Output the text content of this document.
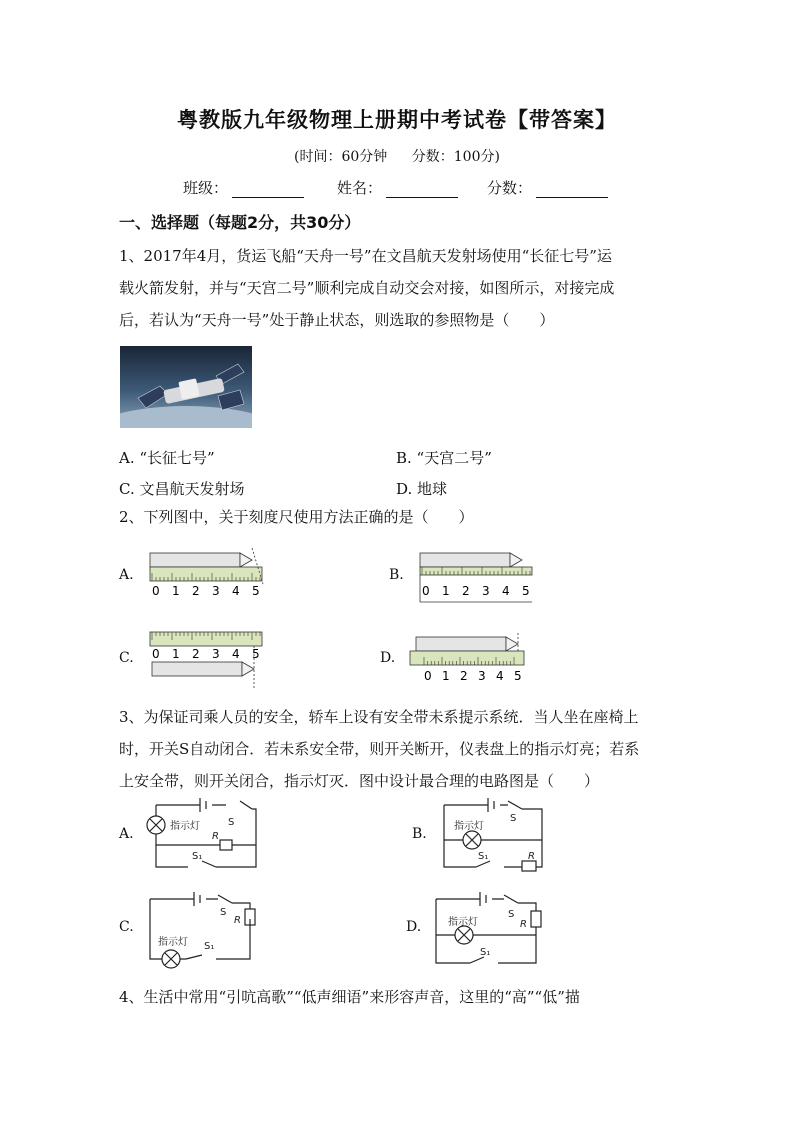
粤教版九年级物理上册期中考试卷【带答案】
(时间：60分钟 分数：100分)
班级：	姓名：	分数：
一、选择题（每题2分，共30分）
1、2017年4月，货运飞船“天舟一号”在文昌航天发射场使用“长征七号”运
载火箭发射，并与“天宫二号”顺利完成自动交会对接，如图所示，对接完成
后，若认为“天舟一号”处于静止状态，则选取的参照物是（　　）
A. “长征七号”	B. “天宫二号”
C. 文昌航天发射场	D. 地球
2、下列图中，关于刻度尺使用方法正确的是（　　）
A.	B.
C.	D.
0 1 2 3 4 5	0 1 2 3 4 5
0 1 2 3 4 5
0 1 2 3 4 5
3、为保证司乘人员的安全，轿车上设有安全带未系提示系统．当人坐在座椅上
时，开关S自动闭合．若未系安全带，则开关断开，仪表盘上的指示灯亮；若系
上安全带，则开关闭合，指示灯灭．图中设计最合理的电路图是（　　）
A.	B.
C.	D.
指示灯	S
R
S₁
指示灯
S
R
S₁
指示灯
S
R
S₁
指示灯
S
R
S₁
4、生活中常用“引吭高歌”“低声细语”来形容声音，这里的“高”“低”描
